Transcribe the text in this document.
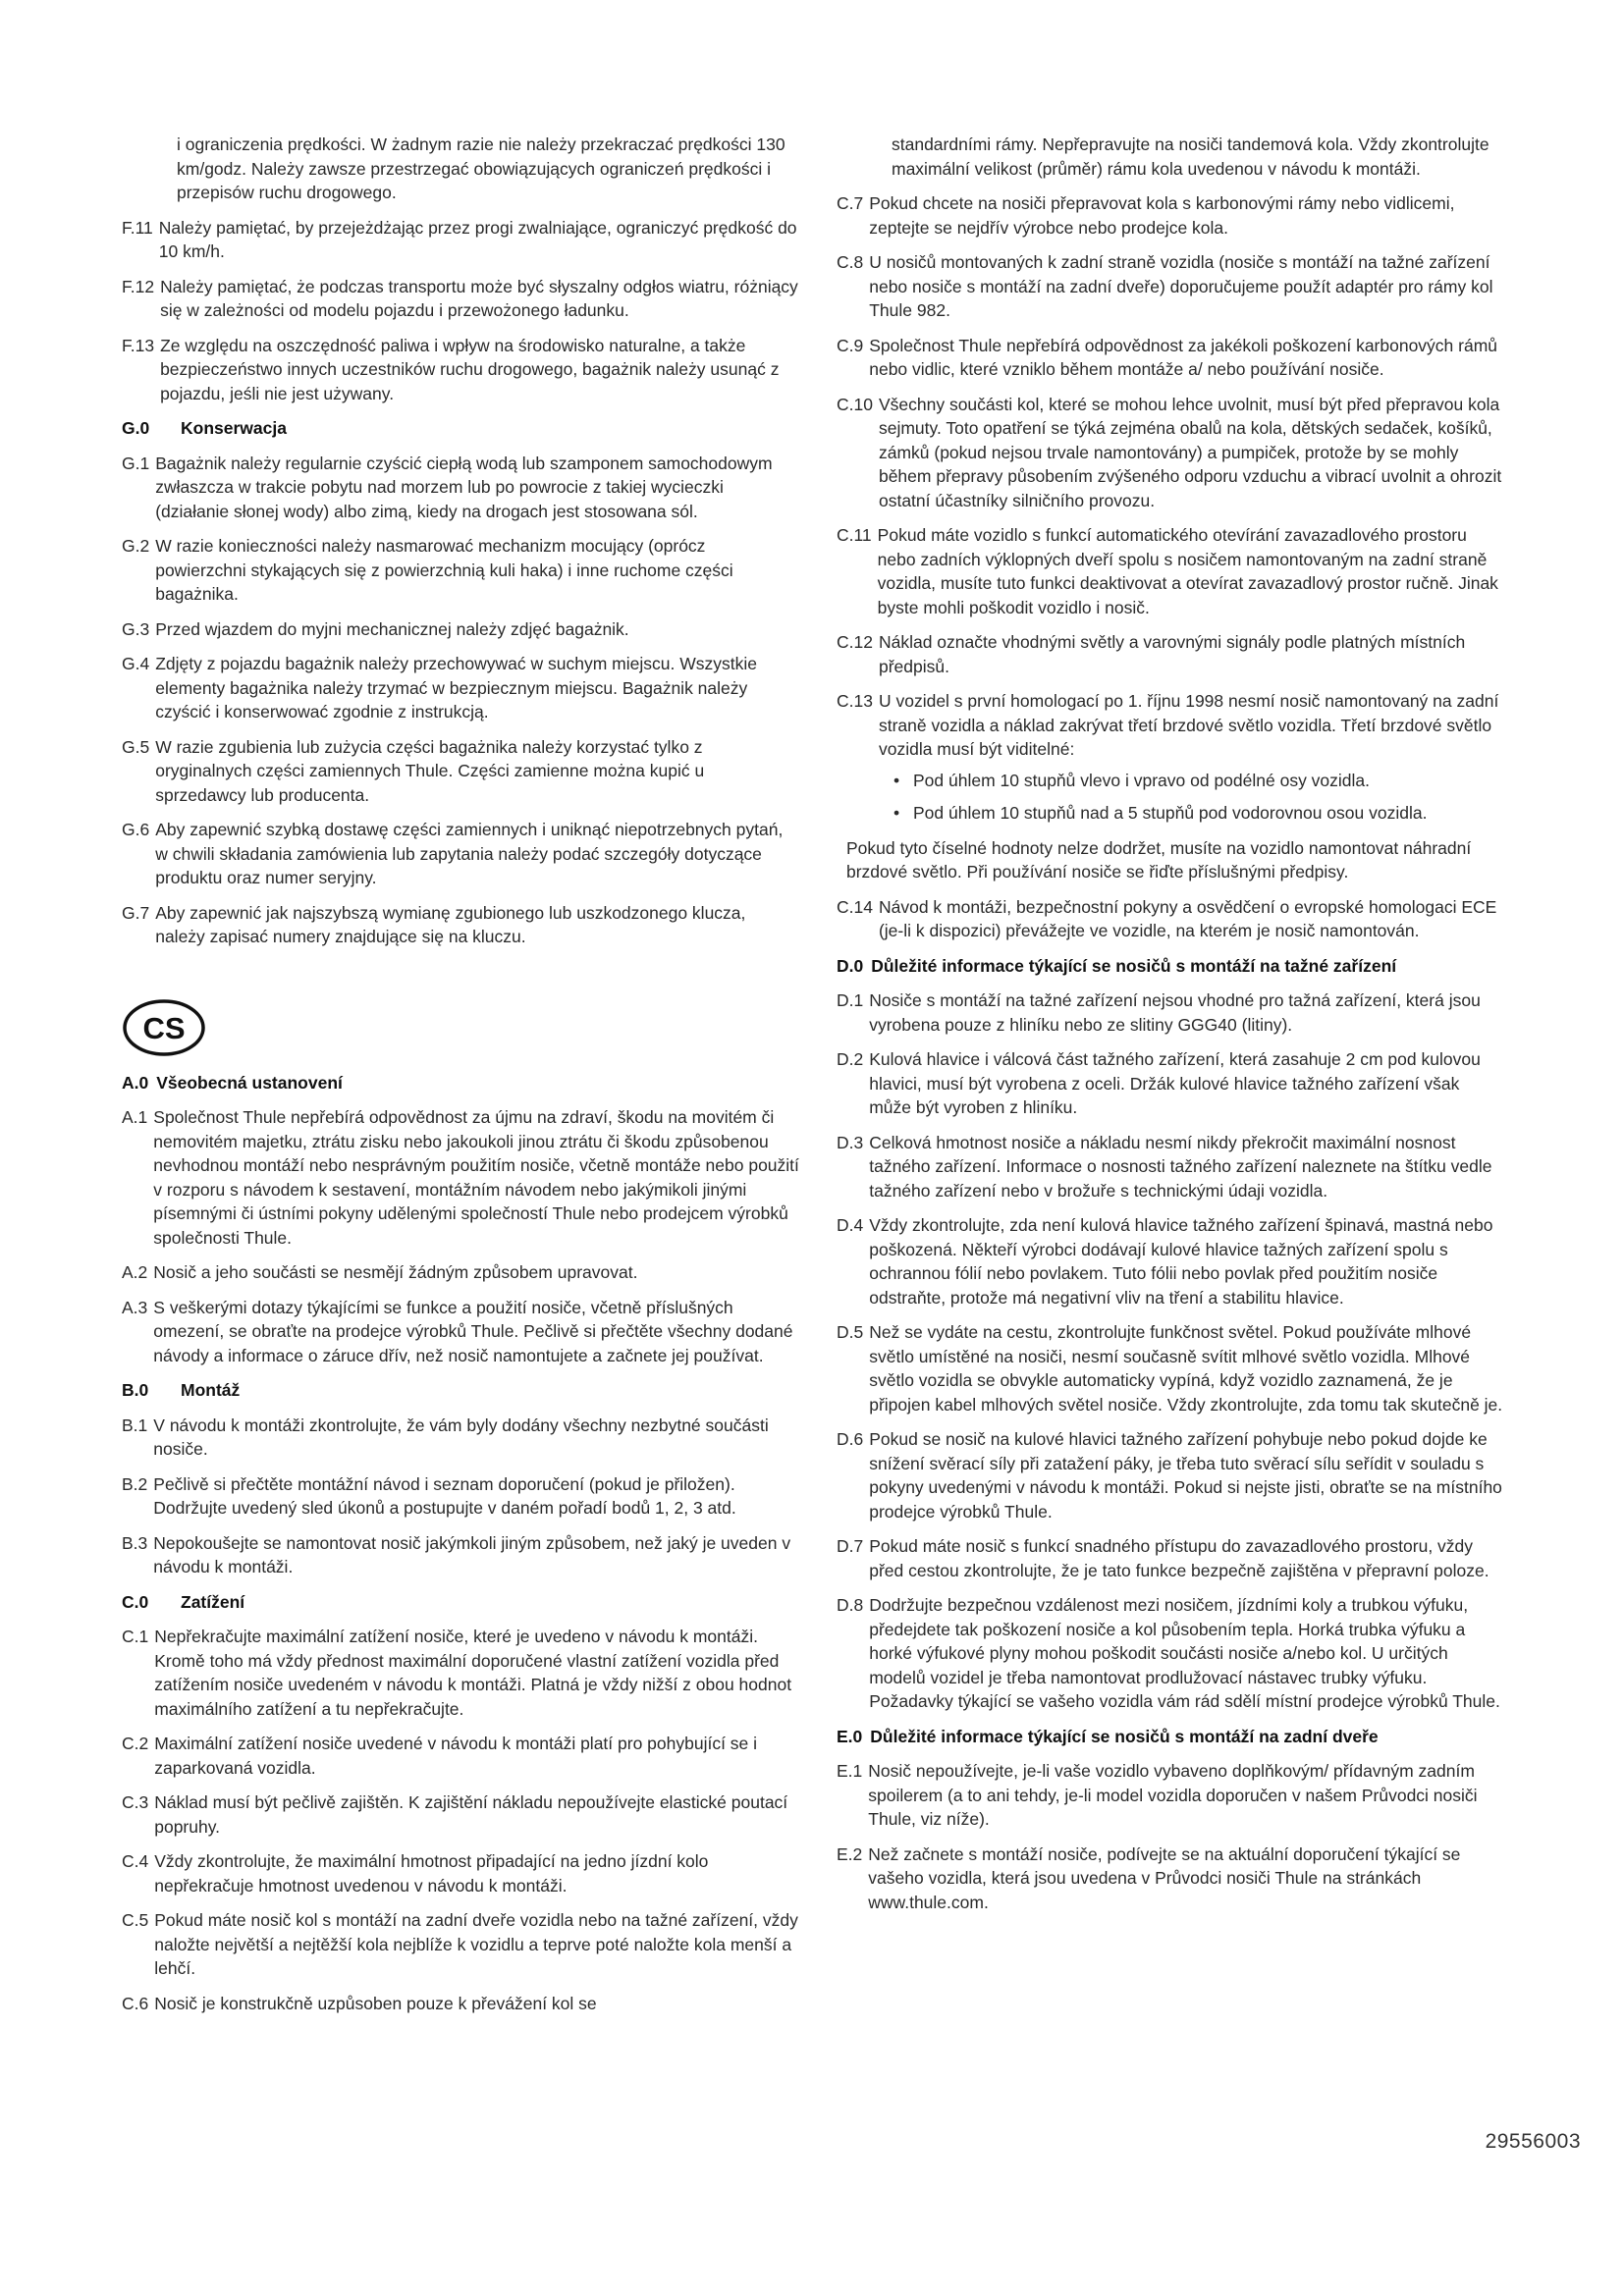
i ograniczenia prędkości. W żadnym razie nie należy przekraczać prędkości 130 km/godz. Należy zawsze przestrzegać obowiązujących ograniczeń prędkości i przepisów ruchu drogowego.
F.11 Należy pamiętać, by przejeżdżając przez progi zwalniające, ograniczyć prędkość do 10 km/h.
F.12 Należy pamiętać, że podczas transportu może być słyszalny odgłos wiatru, różniący się w zależności od modelu pojazdu i przewożonego ładunku.
F.13 Ze względu na oszczędność paliwa i wpływ na środowisko naturalne, a także bezpieczeństwo innych uczestników ruchu drogowego, bagażnik należy usunąć z pojazdu, jeśli nie jest używany.
G.0	Konserwacja
G.1 Bagażnik należy regularnie czyścić ciepłą wodą lub szamponem samochodowym zwłaszcza w trakcie pobytu nad morzem lub po powrocie z takiej wycieczki (działanie słonej wody) albo zimą, kiedy na drogach jest stosowana sól.
G.2 W razie konieczności należy nasmarować mechanizm mocujący (oprócz powierzchni stykających się z powierzchnią kuli haka) i inne ruchome części bagażnika.
G.3 Przed wjazdem do myjni mechanicznej należy zdjęć bagażnik.
G.4 Zdjęty z pojazdu bagażnik należy przechowywać w suchym miejscu. Wszystkie elementy bagażnika należy trzymać w bezpiecznym miejscu. Bagażnik należy czyścić i konserwować zgodnie z instrukcją.
G.5 W razie zgubienia lub zużycia części bagażnika należy korzystać tylko z oryginalnych części zamiennych Thule. Części zamienne można kupić u sprzedawcy lub producenta.
G.6 Aby zapewnić szybką dostawę części zamiennych i uniknąć niepotrzebnych pytań, w chwili składania zamówienia lub zapytania należy podać szczegóły dotyczące produktu oraz numer seryjny.
G.7 Aby zapewnić jak najszybszą wymianę zgubionego lub uszkodzonego klucza, należy zapisać numery znajdujące się na kluczu.
CS
A.0 Všeobecná ustanovení
A.1 Společnost Thule nepřebírá odpovědnost za újmu na zdraví, škodu na movitém či nemovitém majetku, ztrátu zisku nebo jakoukoli jinou ztrátu či škodu způsobenou nevhodnou montáží nebo nesprávným použitím nosiče, včetně montáže nebo použití v rozporu s návodem k sestavení, montážním návodem nebo jakýmikoli jinými písemnými či ústními pokyny udělenými společností Thule nebo prodejcem výrobků společnosti Thule.
A.2 Nosič a jeho součásti se nesmějí žádným způsobem upravovat.
A.3 S veškerými dotazy týkajícími se funkce a použití nosiče, včetně příslušných omezení, se obraťte na prodejce výrobků Thule. Pečlivě si přečtěte všechny dodané návody a informace o záruce dřív, než nosič namontujete a začnete jej používat.
B.0	Montáž
B.1 V návodu k montáži zkontrolujte, že vám byly dodány všechny nezbytné součásti nosiče.
B.2 Pečlivě si přečtěte montážní návod i seznam doporučení (pokud je přiložen). Dodržujte uvedený sled úkonů a postupujte v daném pořadí bodů 1, 2, 3 atd.
B.3 Nepokoušejte se namontovat nosič jakýmkoli jiným způsobem, než jaký je uveden v návodu k montáži.
C.0	Zatížení
C.1 Nepřekračujte maximální zatížení nosiče, které je uvedeno v návodu k montáži. Kromě toho má vždy přednost maximální doporučené vlastní zatížení vozidla před zatížením nosiče uvedeném v návodu k montáži. Platná je vždy nižší z obou hodnot maximálního zatížení a tu nepřekračujte.
C.2 Maximální zatížení nosiče uvedené v návodu k montáži platí pro pohybující se i zaparkovaná vozidla.
C.3 Náklad musí být pečlivě zajištěn. K zajištění nákladu nepoužívejte elastické poutací popruhy.
C.4 Vždy zkontrolujte, že maximální hmotnost připadající na jedno jízdní kolo nepřekračuje hmotnost uvedenou v návodu k montáži.
C.5 Pokud máte nosič kol s montáží na zadní dveře vozidla nebo na tažné zařízení, vždy naložte největší a nejtěžší kola nejblíže k vozidlu a teprve poté naložte kola menší a lehčí.
C.6 Nosič je konstrukčně uzpůsoben pouze k převážení kol se
standardními rámy. Nepřepravujte na nosiči tandemová kola. Vždy zkontrolujte maximální velikost (průměr) rámu kola uvedenou v návodu k montáži.
C.7 Pokud chcete na nosiči přepravovat kola s karbonovými rámy nebo vidlicemi, zeptejte se nejdřív výrobce nebo prodejce kola.
C.8 U nosičů montovaných k zadní straně vozidla (nosiče s montáží na tažné zařízení nebo nosiče s montáží na zadní dveře) doporučujeme použít adaptér pro rámy kol Thule 982.
C.9 Společnost Thule nepřebírá odpovědnost za jakékoli poškození karbonových rámů nebo vidlic, které vzniklo během montáže a/ nebo používání nosiče.
C.10 Všechny součásti kol, které se mohou lehce uvolnit, musí být před přepravou kola sejmuty. Toto opatření se týká zejména obalů na kola, dětských sedaček, košíků, zámků (pokud nejsou trvale namontovány) a pumpiček, protože by se mohly během přepravy působením zvýšeného odporu vzduchu a vibrací uvolnit a ohrozit ostatní účastníky silničního provozu.
C.11 Pokud máte vozidlo s funkcí automatického otevírání zavazadlového prostoru nebo zadních výklopných dveří spolu s nosičem namontovaným na zadní straně vozidla, musíte tuto funkci deaktivovat a otevírat zavazadlový prostor ručně. Jinak byste mohli poškodit vozidlo i nosič.
C.12 Náklad označte vhodnými světly a varovnými signály podle platných místních předpisů.
C.13 U vozidel s první homologací po 1. říjnu 1998 nesmí nosič namontovaný na zadní straně vozidla a náklad zakrývat třetí brzdové světlo vozidla. Třetí brzdové světlo vozidla musí být viditelné:
• Pod úhlem 10 stupňů vlevo i vpravo od podélné osy vozidla.
• Pod úhlem 10 stupňů nad a 5 stupňů pod vodorovnou osou vozidla.
Pokud tyto číselné hodnoty nelze dodržet, musíte na vozidlo namontovat náhradní brzdové světlo. Při používání nosiče se řiďte příslušnými předpisy.
C.14 Návod k montáži, bezpečnostní pokyny a osvědčení o evropské homologaci ECE (je-li k dispozici) převážejte ve vozidle, na kterém je nosič namontován.
D.0 Důležité informace týkající se nosičů s montáží na tažné zařízení
D.1 Nosiče s montáží na tažné zařízení nejsou vhodné pro tažná zařízení, která jsou vyrobena pouze z hliníku nebo ze slitiny GGG40 (litiny).
D.2 Kulová hlavice i válcová část tažného zařízení, která zasahuje 2 cm pod kulovou hlavici, musí být vyrobena z oceli. Držák kulové hlavice tažného zařízení však může být vyroben z hliníku.
D.3 Celková hmotnost nosiče a nákladu nesmí nikdy překročit maximální nosnost tažného zařízení. Informace o nosnosti tažného zařízení naleznete na štítku vedle tažného zařízení nebo v brožuře s technickými údaji vozidla.
D.4 Vždy zkontrolujte, zda není kulová hlavice tažného zařízení špinavá, mastná nebo poškozená. Někteří výrobci dodávají kulové hlavice tažných zařízení spolu s ochrannou fólií nebo povlakem. Tuto fólii nebo povlak před použitím nosiče odstraňte, protože má negativní vliv na tření a stabilitu hlavice.
D.5 Než se vydáte na cestu, zkontrolujte funkčnost světel. Pokud používáte mlhové světlo umístěné na nosiči, nesmí současně svítit mlhové světlo vozidla. Mlhové světlo vozidla se obvykle automaticky vypíná, když vozidlo zaznamená, že je připojen kabel mlhových světel nosiče. Vždy zkontrolujte, zda tomu tak skutečně je.
D.6 Pokud se nosič na kulové hlavici tažného zařízení pohybuje nebo pokud dojde ke snížení svěrací síly při zatažení páky, je třeba tuto svěrací sílu seřídit v souladu s pokyny uvedenými v návodu k montáži. Pokud si nejste jisti, obraťte se na místního prodejce výrobků Thule.
D.7 Pokud máte nosič s funkcí snadného přístupu do zavazadlového prostoru, vždy před cestou zkontrolujte, že je tato funkce bezpečně zajištěna v přepravní poloze.
D.8 Dodržujte bezpečnou vzdálenost mezi nosičem, jízdními koly a trubkou výfuku, předejdete tak poškození nosiče a kol působením tepla. Horká trubka výfuku a horké výfukové plyny mohou poškodit součásti nosiče a/nebo kol. U určitých modelů vozidel je třeba namontovat prodlužovací nástavec trubky výfuku. Požadavky týkající se vašeho vozidla vám rád sdělí místní prodejce výrobků Thule.
E.0 Důležité informace týkající se nosičů s montáží na zadní dveře
E.1 Nosič nepoužívejte, je-li vaše vozidlo vybaveno doplňkovým/ přídavným zadním spoilerem (a to ani tehdy, je-li model vozidla doporučen v našem Průvodci nosiči Thule, viz níže).
E.2 Než začnete s montáží nosiče, podívejte se na aktuální doporučení týkající se vašeho vozidla, která jsou uvedena v Průvodci nosiči Thule na stránkách www.thule.com.
29556003
